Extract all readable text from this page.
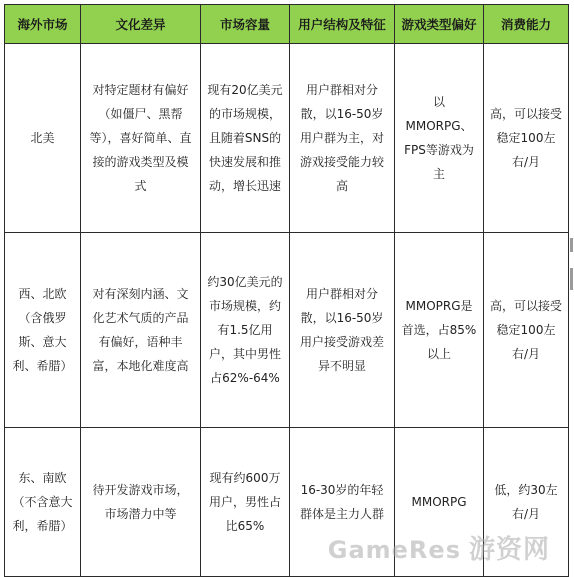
海外市场	文化差异	市场容量	用户结构及特征	游戏类型偏好	消费能力
北美	对特定题材有偏好（如僵尸、黑帮等），喜好简单、直接的游戏类型及模式	现有20亿美元的市场规模，且随着SNS的快速发展和推动，增长迅速	用户群相对分散，以16-50岁用户群为主，对游戏接受能力较高	以MMORPG、FPS等游戏为主	高，可以接受稳定100左右/月
西、北欧（含俄罗斯、意大利、希腊）	对有深刻内涵、文化艺术气质的产品有偏好，语种丰富，本地化难度高	约30亿美元的市场规模，约有1.5亿用户，其中男性占62%-64%	用户群相对分散，以16-50岁用户接受游戏差异不明显	MMOPRG是首选，占85%以上	高，可以接受稳定100左右/月
东、南欧（不含意大利，希腊）	待开发游戏市场，市场潜力中等	现有约600万用户，男性占比65%	16-30岁的年轻群体是主力人群	MMORPG	低，约30左右/月
GameRes 游资网
